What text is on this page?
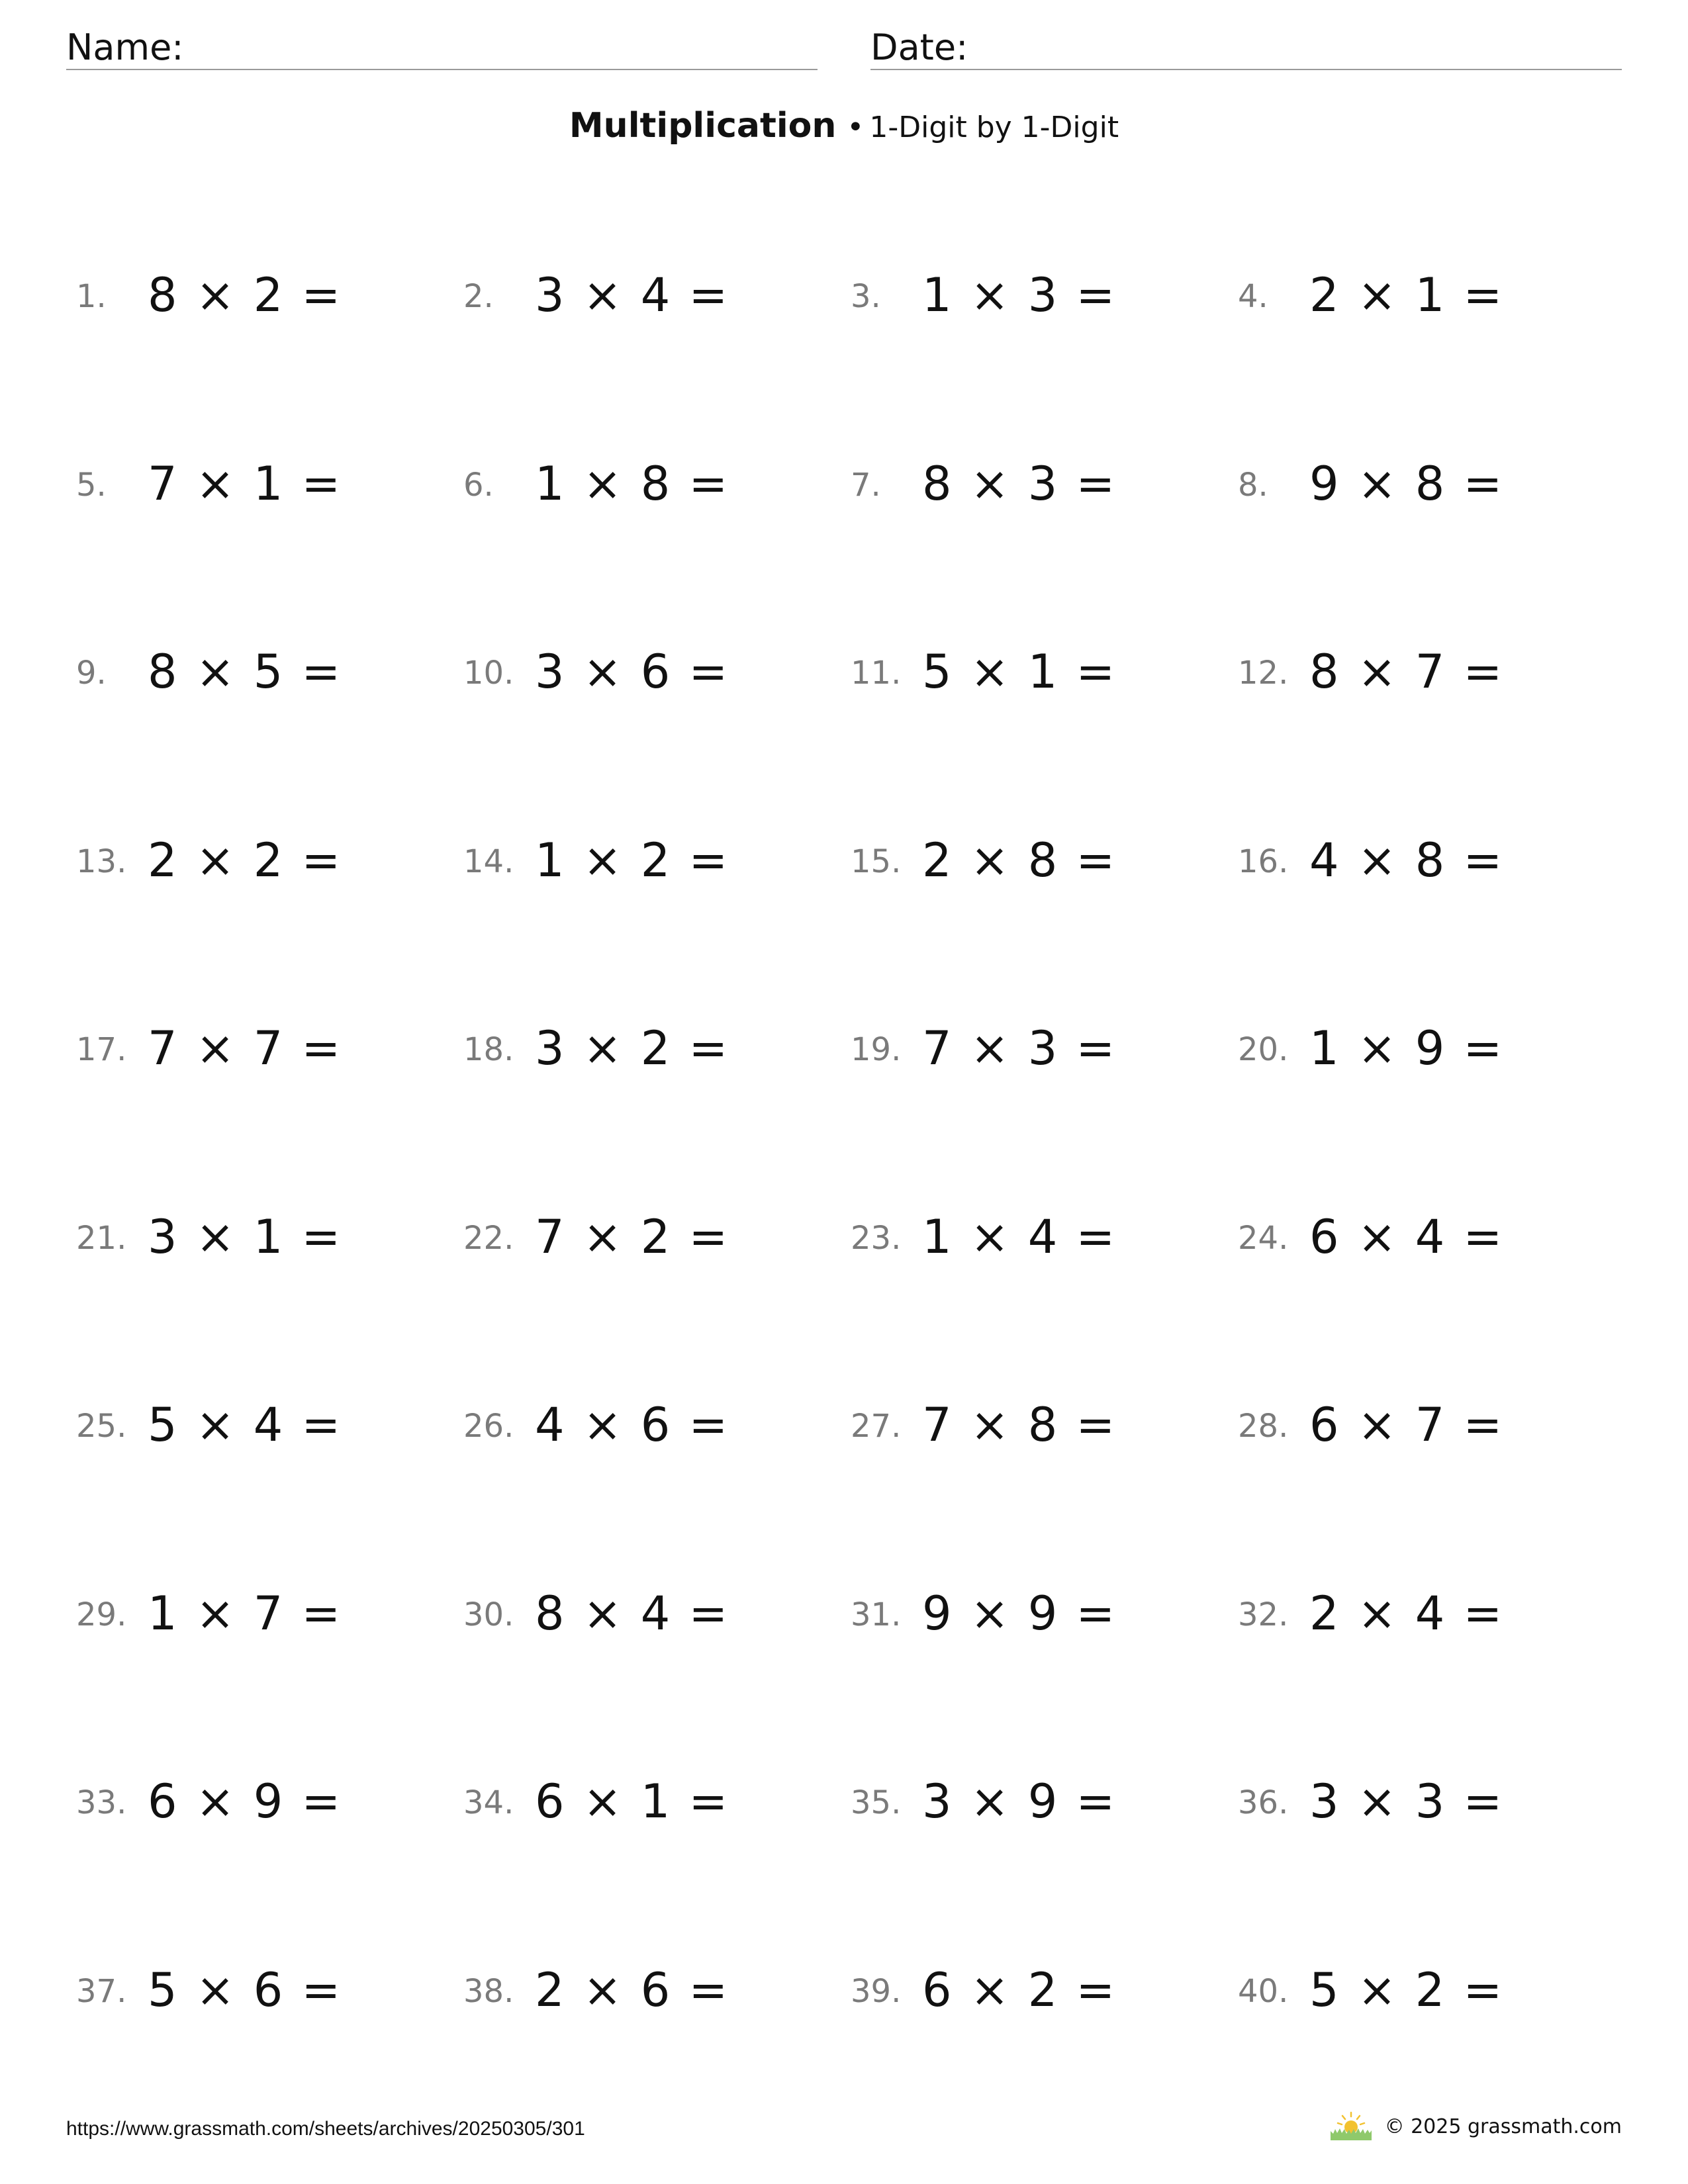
Name:	Date:
Multiplication • 1-Digit by 1-Digit
1. 8 × 2 =	2. 3 × 4 =	3. 1 × 3 =	4. 2 × 1 =
5. 7 × 1 =	6. 1 × 8 =	7. 8 × 3 =	8. 9 × 8 =
9. 8 × 5 =	10. 3 × 6 =	11. 5 × 1 =	12. 8 × 7 =
13. 2 × 2 =	14. 1 × 2 =	15. 2 × 8 =	16. 4 × 8 =
17. 7 × 7 =	18. 3 × 2 =	19. 7 × 3 =	20. 1 × 9 =
21. 3 × 1 =	22. 7 × 2 =	23. 1 × 4 =	24. 6 × 4 =
25. 5 × 4 =	26. 4 × 6 =	27. 7 × 8 =	28. 6 × 7 =
29. 1 × 7 =	30. 8 × 4 =	31. 9 × 9 =	32. 2 × 4 =
33. 6 × 9 =	34. 6 × 1 =	35. 3 × 9 =	36. 3 × 3 =
37. 5 × 6 =	38. 2 × 6 =	39. 6 × 2 =	40. 5 × 2 =
https://www.grassmath.com/sheets/archives/20250305/301	© 2025 grassmath.com
